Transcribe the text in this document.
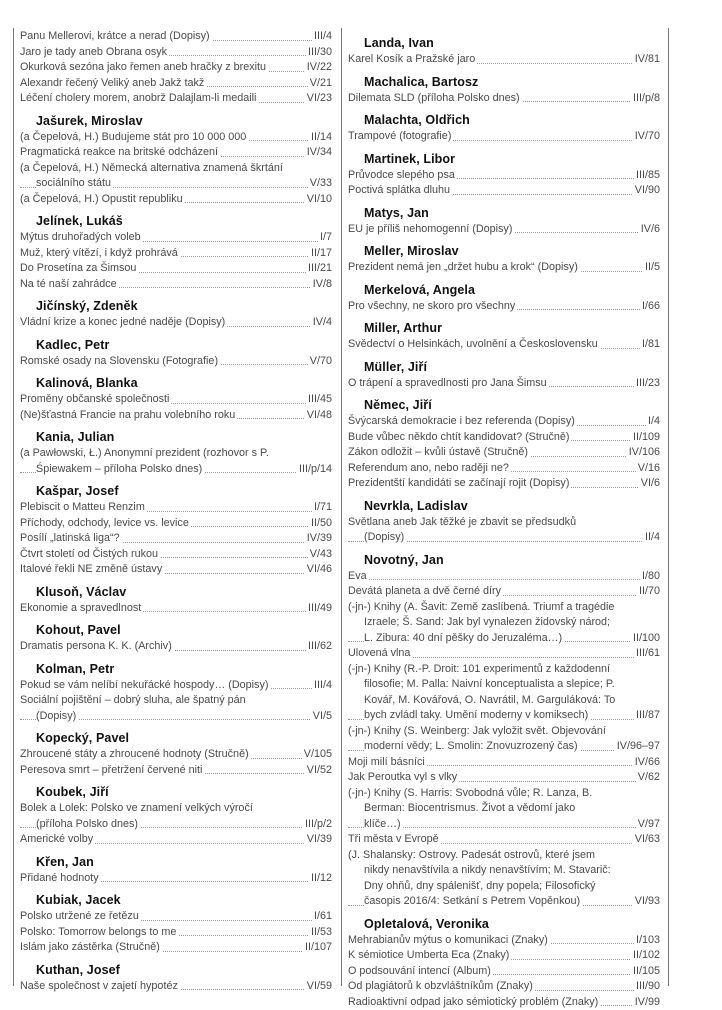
Panu Mellerovi, krátce a nerad (Dopisy)	III/4
Jaro je tady aneb Obrana osyk	III/30
Okurková sezóna jako řemen aneb hračky z brexitu	IV/22
Alexandr řečený Veliký aneb Jakž takž	V/21
Léčení cholery morem, anobrž Dalajlam-li medaili	VI/23
Jašurek, Miroslav
(a Čepelová, H.) Budujeme stát pro 10 000 000	II/14
Pragmatická reakce na britské odcházení	IV/34
(a Čepelová, H.) Německá alternativa znamená škrtání sociálního státu	V/33
(a Čepelová, H.) Opustit republiku	VI/10
Jelínek, Lukáš
Mýtus druhořadých voleb	I/7
Muž, který vítězí, i když prohrává	II/17
Do Prosetína za Šimsou	III/21
Na té naší zahrádce	IV/8
Jičínský, Zdeněk
Vládní krize a konec jedné naděje (Dopisy)	IV/4
Kadlec, Petr
Romské osady na Slovensku (Fotografie)	V/70
Kalinová, Blanka
Proměny občanské společnosti	III/45
(Ne)šťastná Francie na prahu volebního roku	VI/48
Kania, Julian
(a Pawłowski, Ł.) Anonymní prezident (rozhovor s P. Śpiewakem – příloha Polsko dnes)	III/p/14
Kašpar, Josef
Plebiscit o Matteu Renzim	I/71
Příchody, odchody, levice vs. levice	II/50
Posílí „latinská liga“?	IV/39
Čtvrt století od Čistých rukou	V/43
Italové řekli NE změně ústavy	VI/46
Klusoň, Václav
Ekonomie a spravedlnost	III/49
Kohout, Pavel
Dramatis persona K. K. (Archiv)	III/62
Kolman, Petr
Pokud se vám nelíbí nekuřácké hospody… (Dopisy)	III/4
Sociální pojištění – dobrý sluha, ale špatný pán (Dopisy)	VI/5
Kopecký, Pavel
Zhroucené státy a zhroucené hodnoty (Stručně)	V/105
Peresova smrt – přetržení červené niti	VI/52
Koubek, Jiří
Bolek a Lolek: Polsko ve znamení velkých výročí (příloha Polsko dnes)	III/p/2
Americké volby	VI/39
Křen, Jan
Přidané hodnoty	II/12
Kubiak, Jacek
Polsko utržené ze řetězu	I/61
Polsko: Tomorrow belongs to me	II/53
Islám jako zástěrka (Stručně)	II/107
Kuthan, Josef
Naše společnost v zajetí hypotéz	VI/59
Landa, Ivan
Karel Kosík a Pražské jaro	IV/81
Machalica, Bartosz
Dilemata SLD (příloha Polsko dnes)	III/p/8
Malachta, Oldřich
Trampové (fotografie)	IV/70
Martinek, Libor
Průvodce slepého psa	III/85
Poctivá splátka dluhu	VI/90
Matys, Jan
EU je příliš nehomogenní (Dopisy)	IV/6
Meller, Miroslav
Prezident nemá jen „držet hubu a krok“ (Dopisy)	II/5
Merkelová, Angela
Pro všechny, ne skoro pro všechny	I/66
Miller, Arthur
Svědectví o Helsinkách, uvolnění a Československu	I/81
Müller, Jiří
O trápení a spravedlnosti pro Jana Šimsu	III/23
Němec, Jiří
Švýcarská demokracie i bez referenda (Dopisy)	I/4
Bude vůbec někdo chtít kandidovat? (Stručně)	II/109
Zákon odložit – kvůli ústavě (Stručně)	IV/106
Referendum ano, nebo raději ne?	V/16
Prezidentští kandidáti se začínají rojit (Dopisy)	VI/6
Nevrkla, Ladislav
Světlana aneb Jak těžké je zbavit se předsudků (Dopisy)	II/4
Novotný, Jan
Eva	I/80
Devátá planeta a dvě černé díry	II/70
(-jn-) Knihy (A. Šavit: Země zaslíbená. Triumf a tragédie Izraele; Š. Sand: Jak byl vynalezen židovský národ; L. Zibura: 40 dní pěšky do Jeruzaléma…)	II/100
Ulovená vlna	III/61
(-jn-) Knihy (R.-P. Droit: 101 experimentů z každodenní filosofie; M. Palla: Naivní konceptualista a slepice; P. Kovář, M. Kovářová, O. Navrátil, M. Garguláková: To bych zvládl taky. Umění moderny v komiksech)	III/87
(-jn-) Knihy (S. Weinberg: Jak vyložit svět. Objevování moderní vědy; L. Smolin: Znovuzrozený čas)	IV/96–97
Moji milí básníci	IV/66
Jak Peroutka vyl s vlky	V/62
(-jn-) Knihy (S. Harris: Svobodná vůle; R. Lanza, B. Berman: Biocentrismus. Život a vědomí jako klíče…)	V/97
Tři města v Evropě	VI/63
(J. Shalansky: Ostrovy. Padesát ostrovů, které jsem nikdy nenavštívila a nikdy nenavštívím; M. Stavarič: Dny ohňů, dny spálenišť, dny popela; Filosofický časopis 2016/4: Setkání s Petrem Vopěnkou)	VI/93
Opletalová, Veronika
Mehrabianův mýtus o komunikaci (Znaky)	I/103
K sémiotice Umberta Eca (Znaky)	II/102
O podsouvání intencí (Album)	II/105
Od plagiátorů k obzvláštníkům (Znaky)	III/90
Radioaktivní odpad jako sémiotický problém (Znaky)	IV/99
